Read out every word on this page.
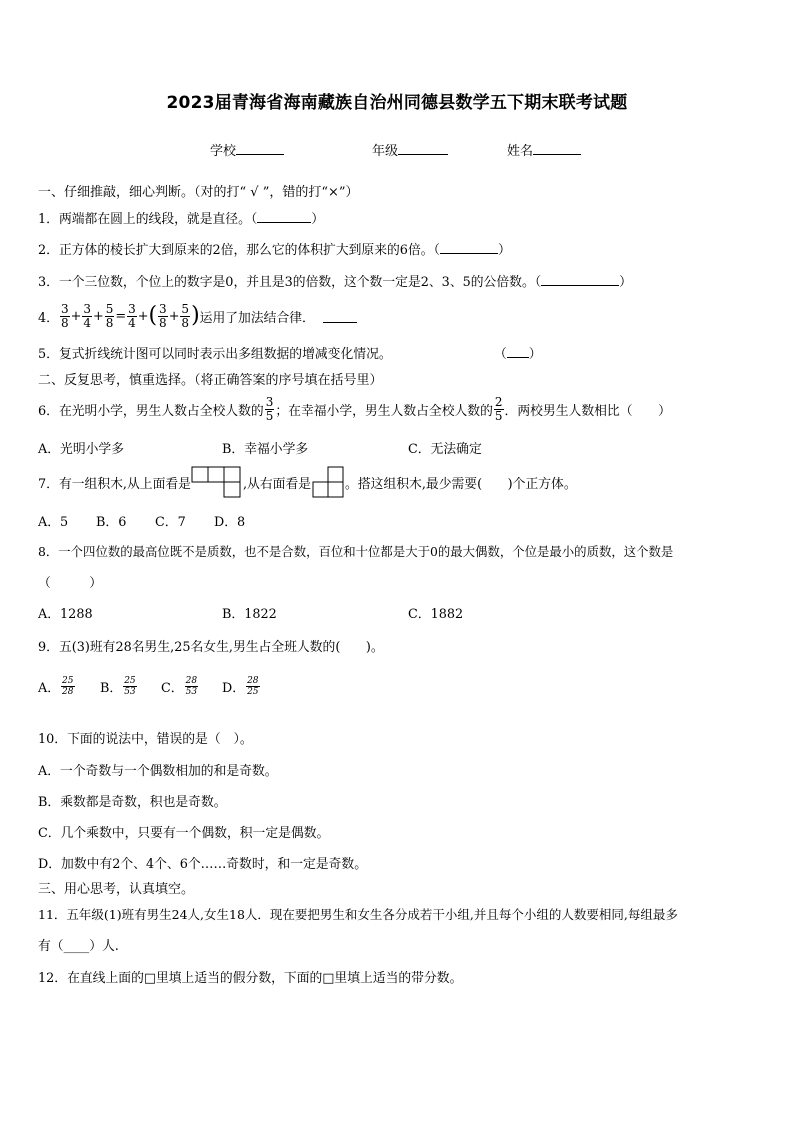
2023届青海省海南藏族自治州同德县数学五下期末联考试题
学校	年级	姓名
一、仔细推敲，细心判断。（对的打“ √ ”，错的打“×”）
1．两端都在圆上的线段，就是直径。（	）
2．正方体的棱长扩大到原来的2倍，那么它的体积扩大到原来的6倍。（	）
3．一个三位数，个位上的数字是0，并且是3的倍数，这个数一定是2、3、5的公倍数。（	）
4． $\frac{3}{8} + \frac{3}{4} + \frac{5}{8} = \frac{3}{4}$ + ( $\frac{3}{8} + \frac{5}{8}$ ) 运用了加法结合律．
5．复式折线统计图可以同时表示出多组数据的增减变化情况。	（ ）
二、反复思考，慎重选择。（将正确答案的序号填在括号里）
6．在光明小学，男生人数占全校人数的 $\frac{3}{5}$ ；在幸福小学，男生人数占全校人数的 $\frac{2}{5}$ ．两校男生人数相比（　　）
A．光明小学多	B．幸福小学多	C．无法确定
7．有一组积木,从上面看是	,从右面看是	。搭这组积木,最少需要(　　)个正方体。
A．5 B．6 C．7 D．8
8．一个四位数的最高位既不是质数，也不是合数，百位和十位都是大于0的最大偶数，个位是最小的质数，这个数是
（　　　）
A．1288	B．1822	C．1882
9．五(3)班有28名男生,25名女生,男生占全班人数的(　　)。
A． $\frac{25}{28}$ B． $\frac{25}{53}$ C． $\frac{28}{53}$ D． $\frac{28}{25}$
10．下面的说法中，错误的是（　）。
A．一个奇数与一个偶数相加的和是奇数。
B．乘数都是奇数，积也是奇数。
C．几个乘数中，只要有一个偶数，积一定是偶数。
D．加数中有2个、4个、6个……奇数时，和一定是奇数。
三、用心思考，认真填空。
11．五年级(1)班有男生24人,女生18人．现在要把男生和女生各分成若干小组,并且每个小组的人数要相同,每组最多
有（____）人.
12．在直线上面的□里填上适当的假分数，下面的□里填上适当的带分数。
